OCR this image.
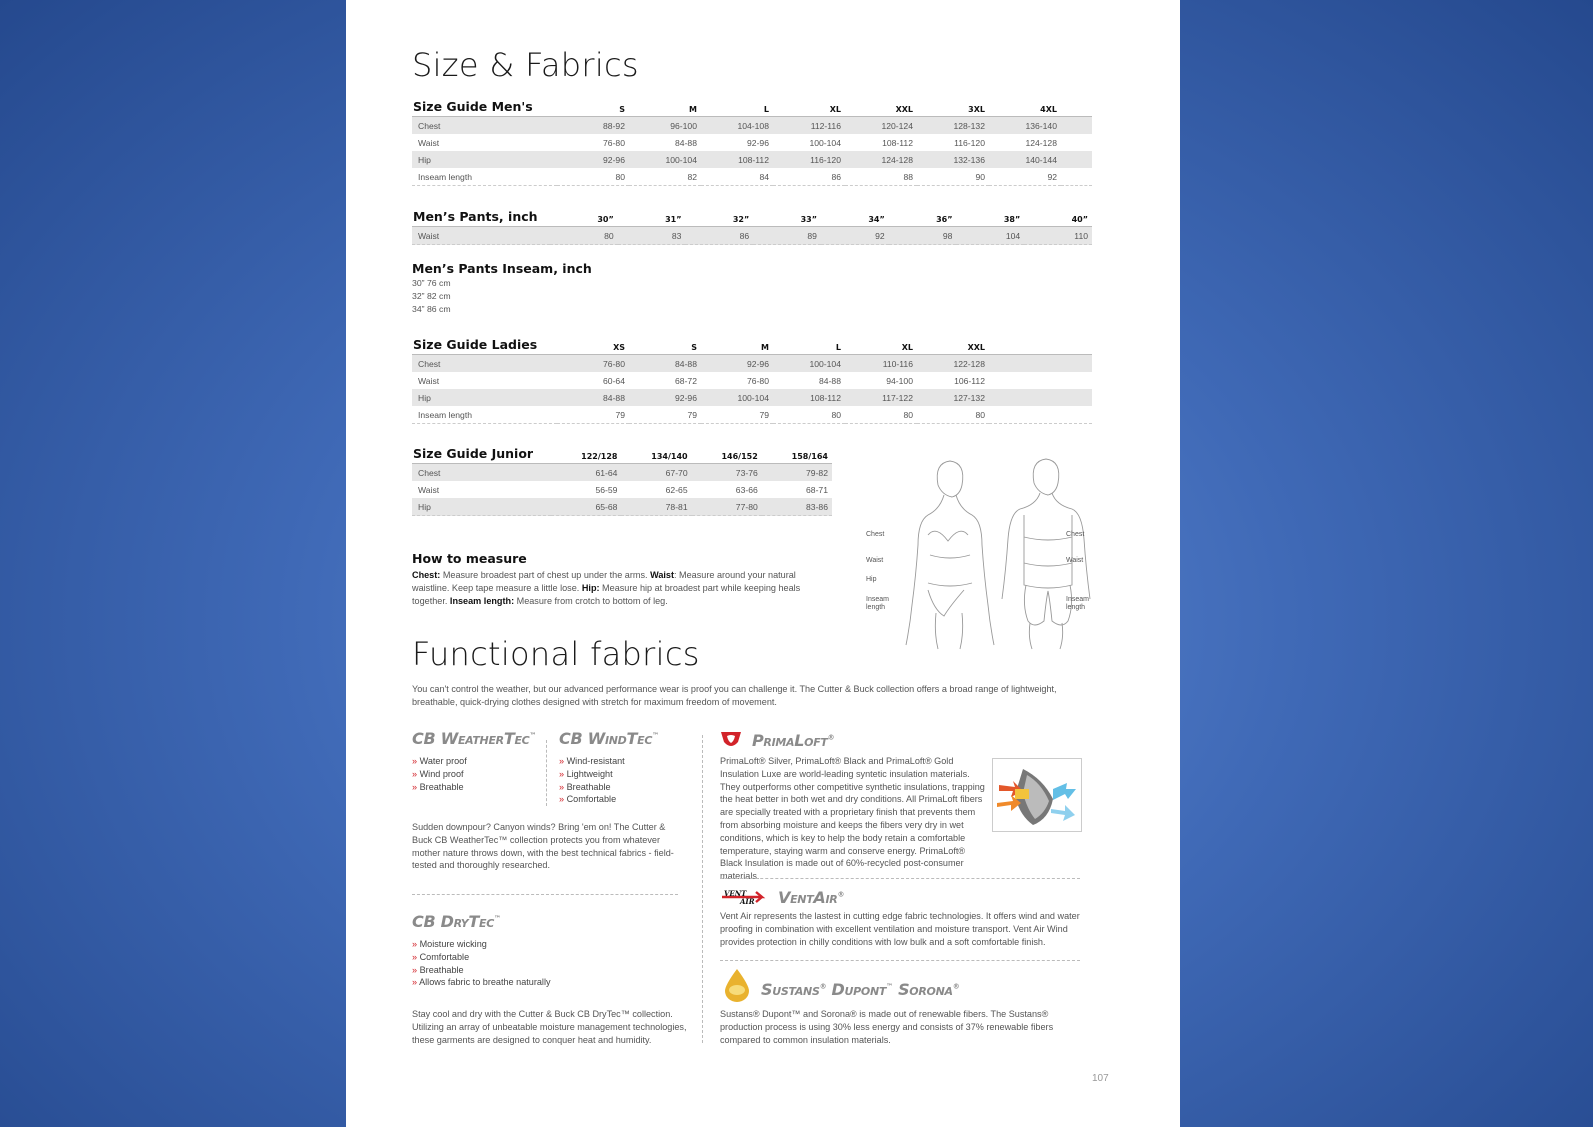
Size & Fabrics
Size Guide Men's	S	M	L	XL	XXL	3XL	4XL	
Chest	88-92	96-100	104-108	112-116	120-124	128-132	136-140	
Waist	76-80	84-88	92-96	100-104	108-112	116-120	124-128	
Hip	92-96	100-104	108-112	116-120	124-128	132-136	140-144	
Inseam length	80	82	84	86	88	90	92	
Men’s Pants, inch	30”	31”	32”	33”	34”	36”	38”	40”
Waist	80	83	86	89	92	98	104	110
Men’s Pants Inseam, inch
30” 76 cm
32” 82 cm
34” 86 cm
Size Guide Ladies	XS	S	M	L	XL	XXL	
Chest	76-80	84-88	92-96	100-104	110-116	122-128	
Waist	60-64	68-72	76-80	84-88	94-100	106-112	
Hip	84-88	92-96	100-104	108-112	117-122	127-132	
Inseam length	79	79	79	80	80	80	
Size Guide Junior	122/128	134/140	146/152	158/164
Chest	61-64	67-70	73-76	79-82
Waist	56-59	62-65	63-66	68-71
Hip	65-68	78-81	77-80	83-86
How to measure
Chest: Measure broadest part of chest up under the arms. Waist: Measure around your natural waistline. Keep tape measure a little lose. Hip: Measure hip at broadest part while keeping heals together. Inseam length: Measure from crotch to bottom of leg.
Chest
Waist
Hip
Inseam length
Chest
Waist
Inseam length
Functional fabrics
You can't control the weather, but our advanced performance wear is proof you can challenge it. The Cutter & Buck collection offers a broad range of lightweight, breathable, quick-drying clothes designed with stretch for maximum freedom of movement.
CB WeatherTec™
» Water proof
» Wind proof
» Breathable
CB WindTec™
» Wind-resistant
» Lightweight
» Breathable
» Comfortable
Sudden downpour? Canyon winds? Bring 'em on! The Cutter & Buck CB WeatherTec™ collection protects you from whatever mother nature throws down, with the best technical fabrics - field-tested and thoroughly researched.
CB DryTec™
» Moisture wicking
» Comfortable
» Breathable
» Allows fabric to breathe naturally
Stay cool and dry with the Cutter & Buck CB DryTec™ collection. Utilizing an array of unbeatable moisture management technologies, these garments are designed to conquer heat and humidity.
PrimaLoft®
PrimaLoft® Silver, PrimaLoft® Black and PrimaLoft® Gold Insulation Luxe are world-leading syntetic insulation materials. They outperforms other competitive synthetic insulations, trapping the heat better in both wet and dry conditions. All PrimaLoft fibers are specially treated with a proprietary finish that prevents them from absorbing moisture and keeps the fibers very dry in wet conditions, which is key to help the body retain a comfortable temperature, staying warm and conserve energy. PrimaLoft® Black Insulation is made out of 60%-recycled post-consumer materials.
VENT
AIR VentAir®
Vent Air represents the lastest in cutting edge fabric technologies. It offers wind and water proofing in combination with excellent ventilation and moisture transport. Vent Air Wind provides protection in chilly conditions with low bulk and a soft comfortable finish.
Sustans® Dupont™ Sorona®
Sustans® Dupont™ and Sorona® is made out of renewable fibers. The Sustans® production process is using 30% less energy and consists of 37% renewable fibers compared to common insulation materials.
107
